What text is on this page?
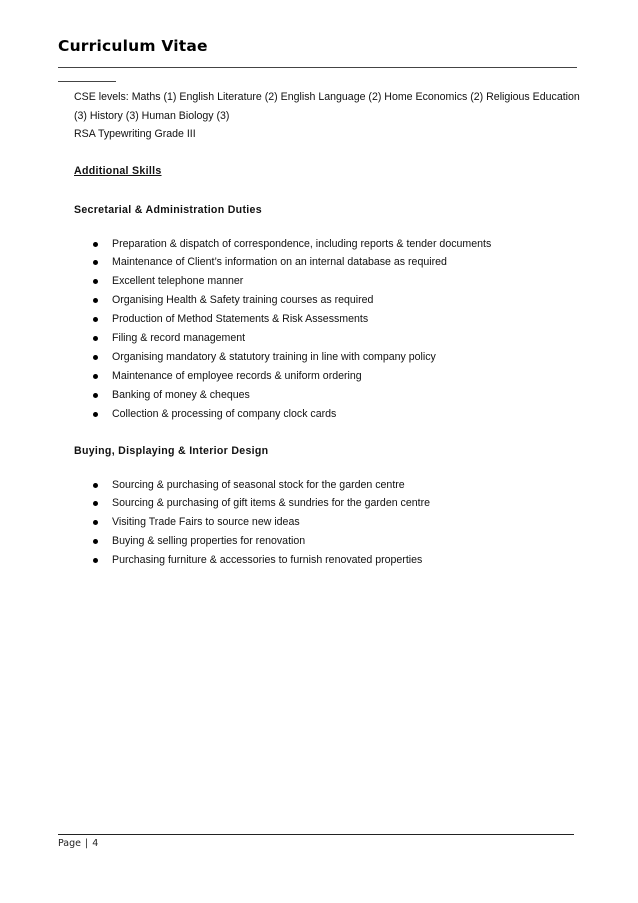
Curriculum Vitae
CSE levels: Maths (1) English Literature (2) English Language (2) Home Economics (2) Religious Education
(3) History (3) Human Biology (3)
RSA Typewriting Grade III
Additional Skills
Secretarial & Administration Duties
Preparation & dispatch of correspondence, including reports & tender documents
Maintenance of Client’s information on an internal database as required
Excellent telephone manner
Organising Health & Safety training courses as required
Production of Method Statements & Risk Assessments
Filing & record management
Organising mandatory & statutory training in line with company policy
Maintenance of employee records & uniform ordering
Banking of money & cheques
Collection & processing of company clock cards
Buying, Displaying & Interior Design
Sourcing & purchasing of seasonal stock for the garden centre
Sourcing & purchasing of gift items & sundries for the garden centre
Visiting Trade Fairs to source new ideas
Buying & selling properties for renovation
Purchasing furniture & accessories to furnish renovated properties
Page | 4
